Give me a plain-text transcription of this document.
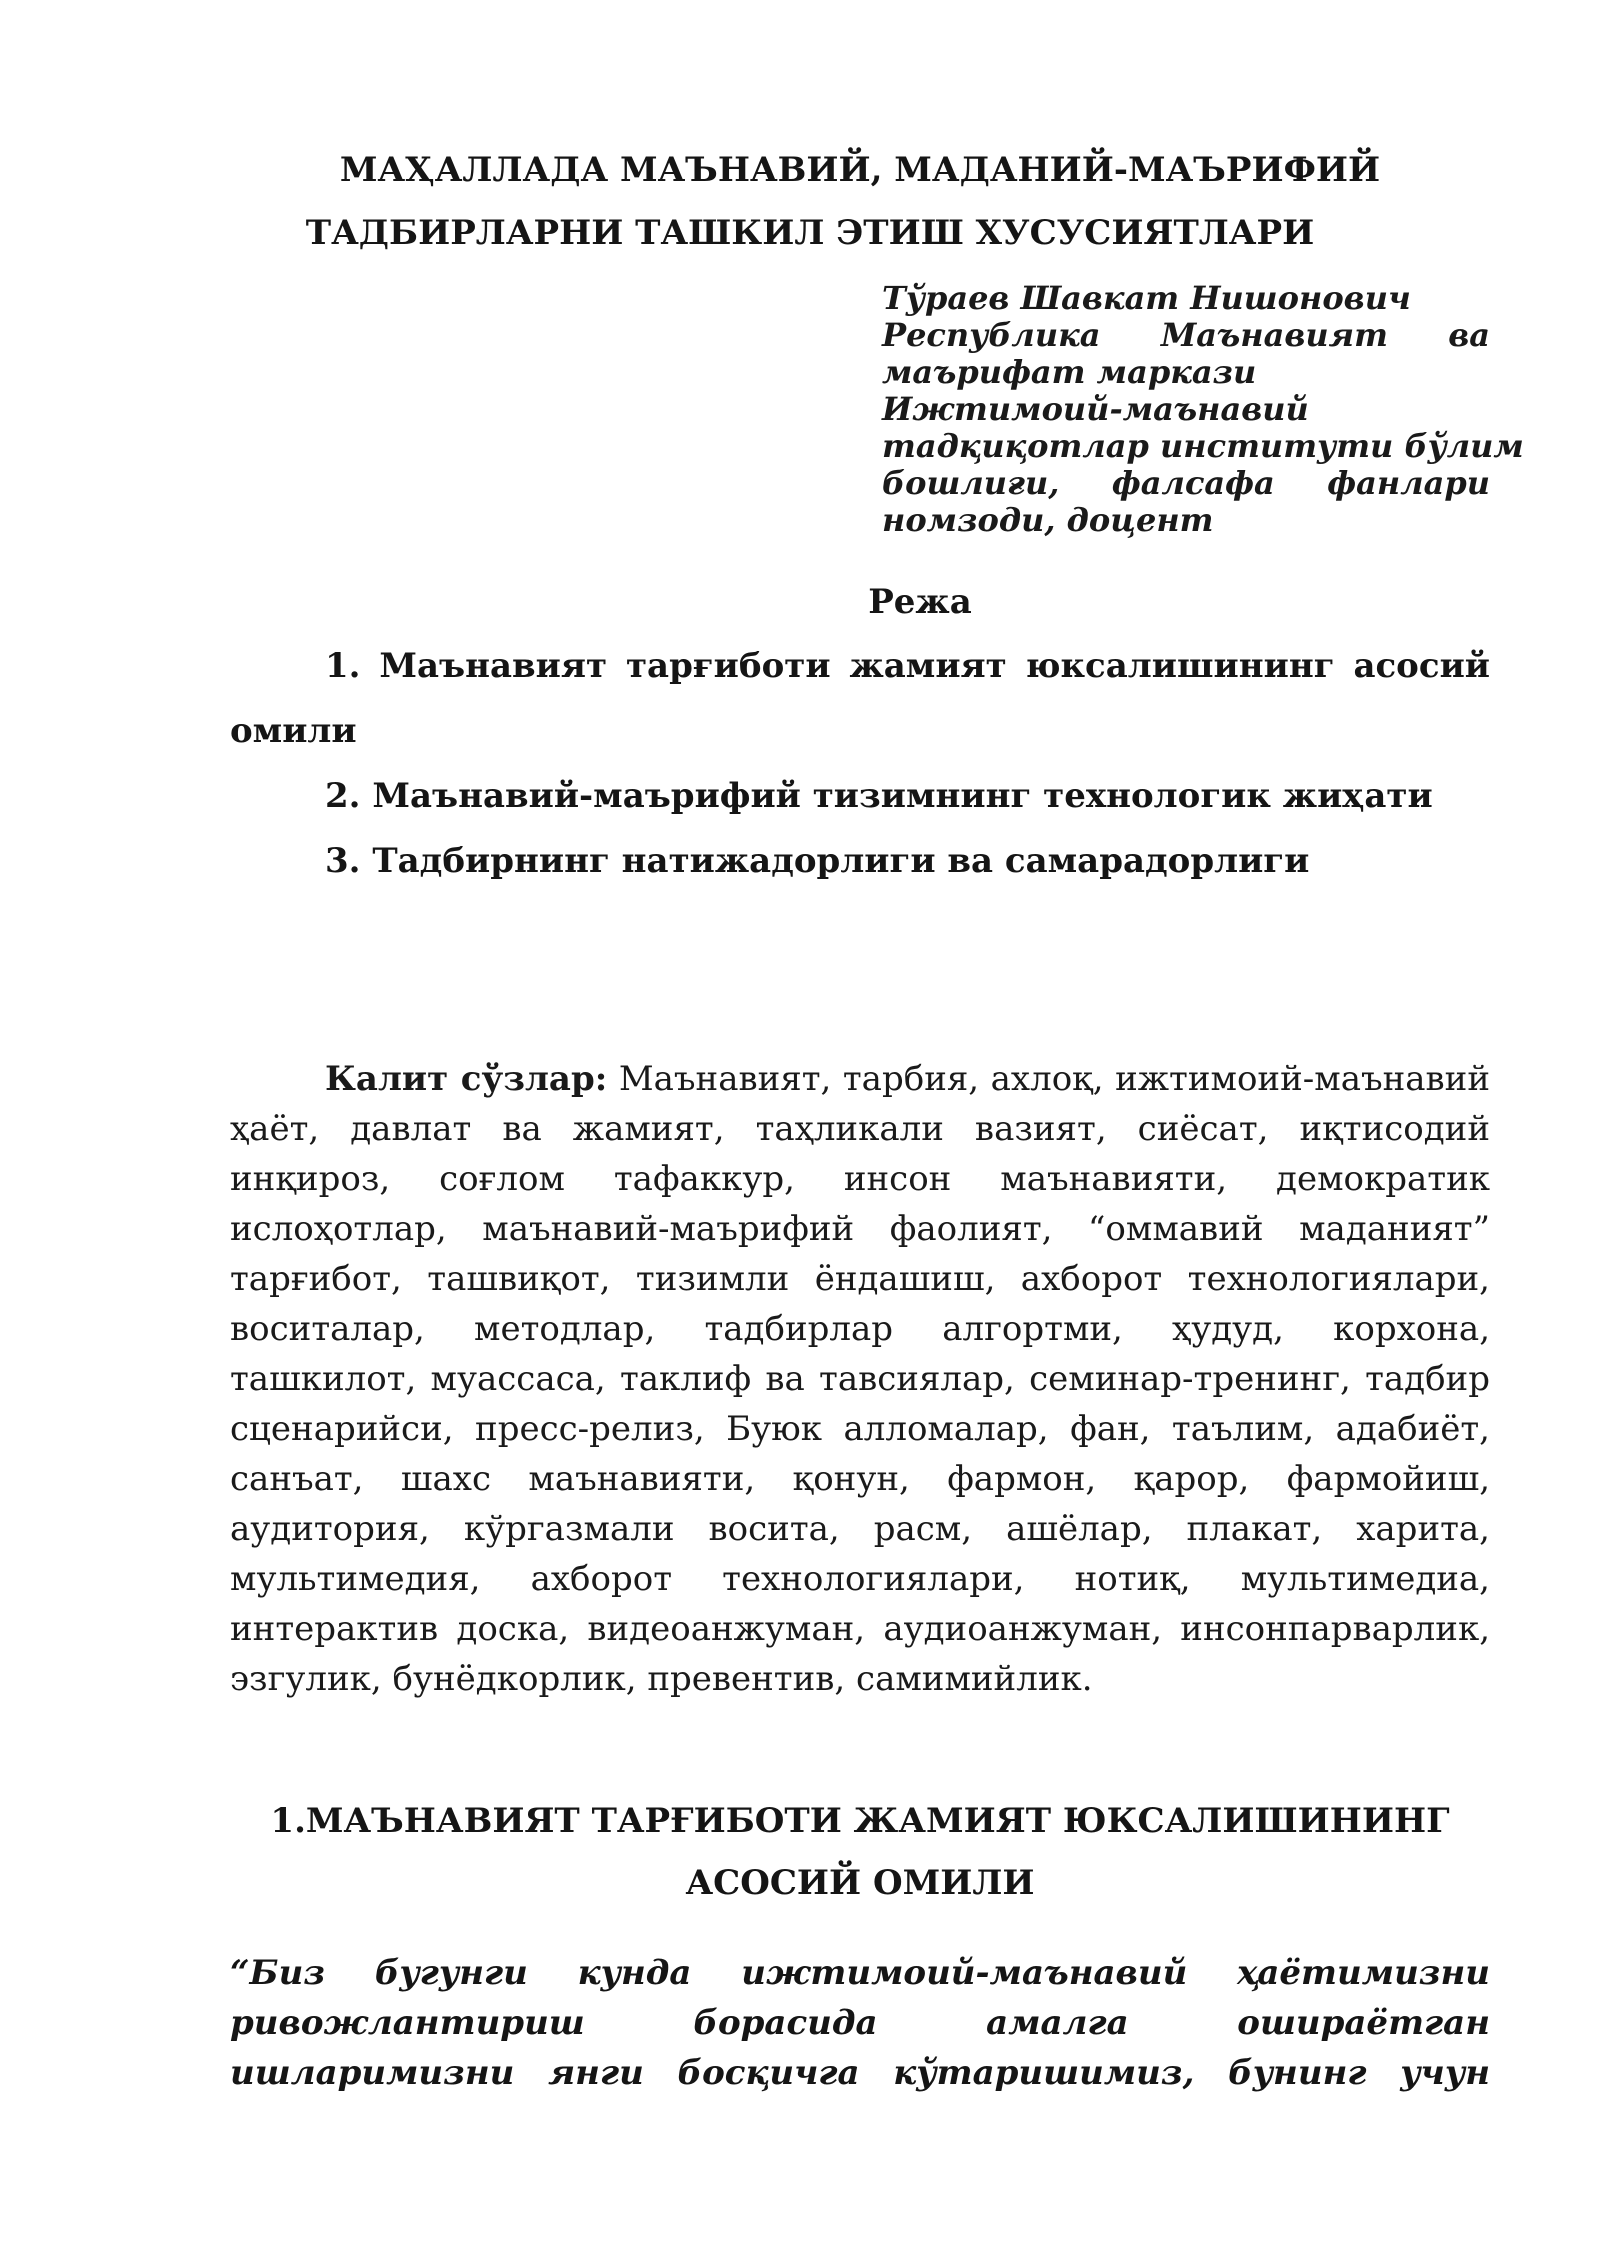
МАҲАЛЛАДА МАЪНАВИЙ, МАДАНИЙ-МАЪРИФИЙ
ТАДБИРЛАРНИ ТАШКИЛ ЭТИШ ХУСУСИЯТЛАРИ
Тўраев Шавкат Нишонович
Республика Маънавият ва
маърифат маркази
Ижтимоий-маънавий
тадқиқотлар институти бўлим
бошлиғи, фалсафа фанлари
номзоди, доцент
Режа
1. Маънавият тарғиботи жамият юксалишининг асосий омили
2. Маънавий-маърифий тизимнинг технологик жиҳати
3. Тадбирнинг натижадорлиги ва самарадорлиги
Калит сўзлар: Маънавият, тарбия, ахлоқ, ижтимоий-маънавий ҳаёт, давлат ва жамият, таҳликали вазият, сиёсат, иқтисодий инқироз, соғлом тафаккур, инсон маънавияти, демократик ислоҳотлар, маънавий-маърифий фаолият, “оммавий маданият” тарғибот, ташвиқот, тизимли ёндашиш, ахборот технологиялари, воситалар, методлар, тадбирлар алгортми, ҳудуд, корхона, ташкилот, муассаса, таклиф ва тавсиялар, семинар-тренинг, тадбир сценарийси, пресс-релиз, Буюк алломалар, фан, таълим, адабиёт, санъат, шахс маънавияти, қонун, фармон, қарор, фармойиш, аудитория, кўргазмали восита, расм, ашёлар, плакат, харита, мультимедия, ахборот технологиялари, нотиқ, мультимедиа, интерактив доска, видеоанжуман, аудиоанжуман, инсонпарварлик, эзгулик, бунёдкорлик, превентив, самимийлик.
1.МАЪНАВИЯТ ТАРҒИБОТИ ЖАМИЯТ ЮКСАЛИШИНИНГ
АСОСИЙ ОМИЛИ
“Биз бугунги кунда ижтимоий-маънавий ҳаётимизни
ривожлантириш борасида амалга ошираётган
ишларимизни янги босқичга кўтаришимиз, бунинг учун
